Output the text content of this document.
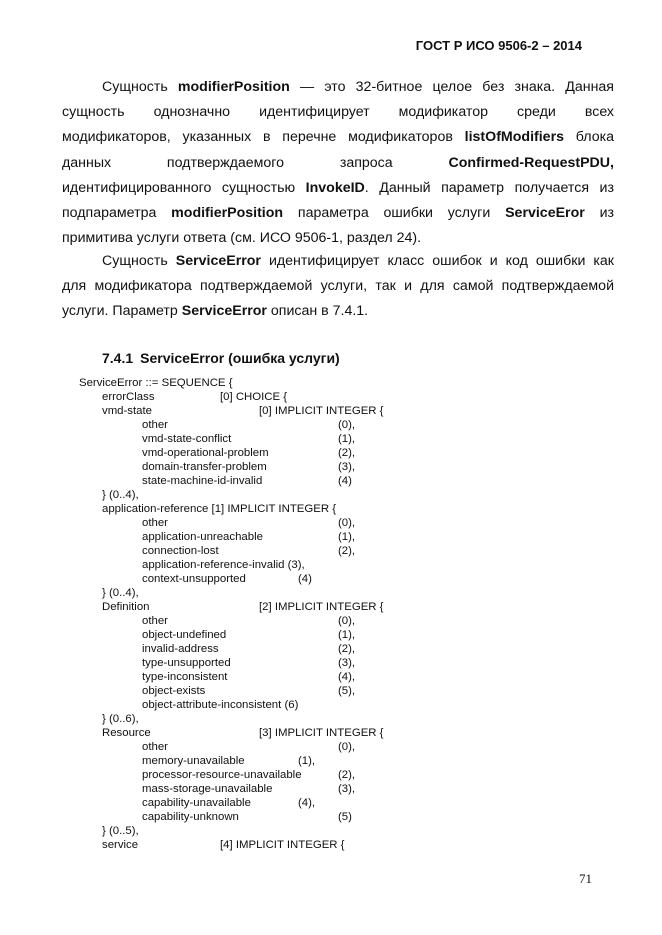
ГОСТ Р ИСО 9506-2 – 2014
Сущность modifierPosition — это 32-битное целое без знака. Данная
сущность однозначно идентифицирует модификатор среди всех
модификаторов, указанных в перечне модификаторов listOfModifiers блока
данных подтверждаемого запроса Confirmed-RequestPDU,
идентифицированного сущностью InvokeID. Данный параметр получается из
подпараметра modifierPosition параметра ошибки услуги ServiceEror из
примитива услуги ответа (см. ИСО 9506-1, раздел 24).
Сущность ServiceError идентифицирует класс ошибок и код ошибки как
для модификатора подтверждаемой услуги, так и для самой подтверждаемой
услуги. Параметр ServiceError описан в 7.4.1.
7.4.1 ServiceError (ошибка услуги)
ServiceError ::= SEQUENCE {
errorClass	[0] CHOICE {
vmd-state	[0] IMPLICIT INTEGER {
other	(0),
vmd-state-conflict	(1),
vmd-operational-problem	(2),
domain-transfer-problem	(3),
state-machine-id-invalid	(4)
} (0..4),
application-reference [1] IMPLICIT INTEGER {
other	(0),
application-unreachable	(1),
connection-lost	(2),
application-reference-invalid (3),
context-unsupported	(4)
} (0..4),
Definition	[2] IMPLICIT INTEGER {
other	(0),
object-undefined	(1),
invalid-address	(2),
type-unsupported	(3),
type-inconsistent	(4),
object-exists	(5),
object-attribute-inconsistent (6)
} (0..6),
Resource	[3] IMPLICIT INTEGER {
other	(0),
memory-unavailable	(1),
processor-resource-unavailable	(2),
mass-storage-unavailable	(3),
capability-unavailable	(4),
capability-unknown	(5)
} (0..5),
service	[4] IMPLICIT INTEGER {
71
